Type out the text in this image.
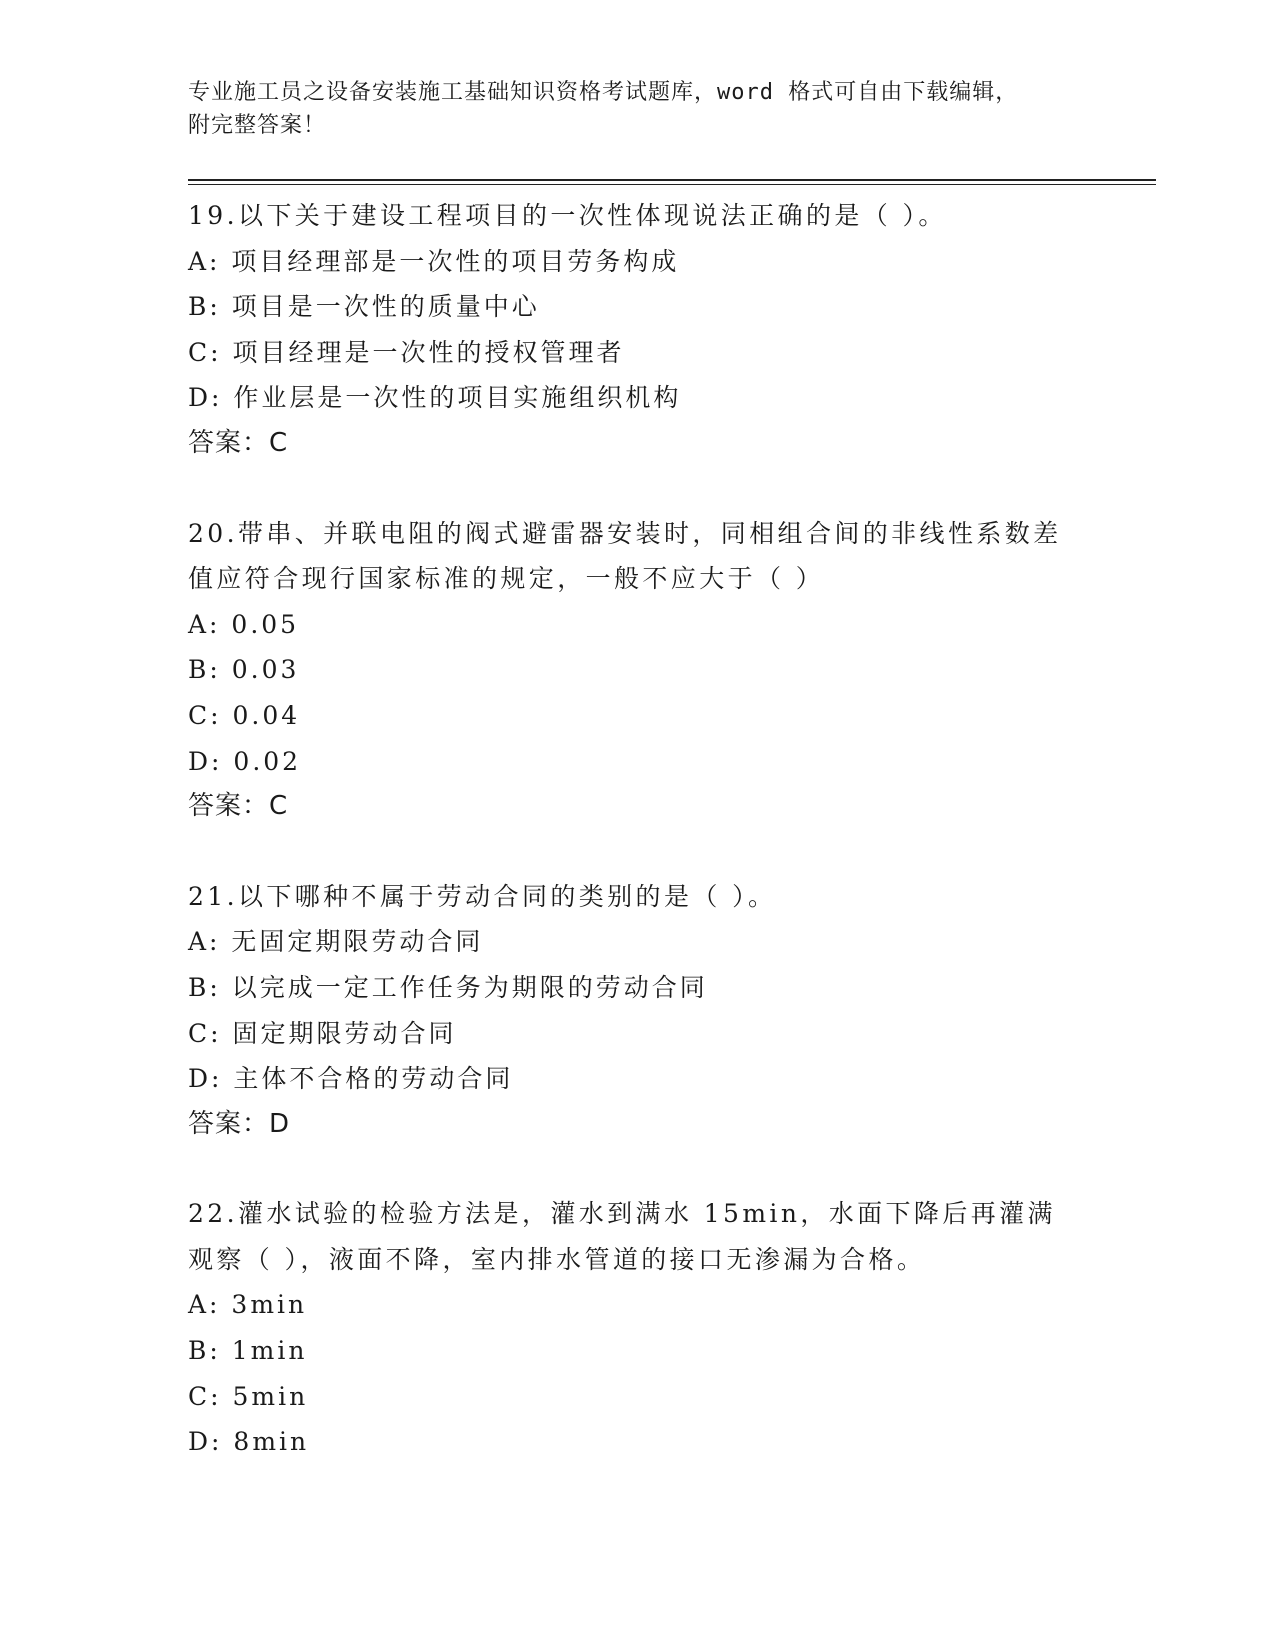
专业施工员之设备安装施工基础知识资格考试题库，word 格式可自由下载编辑，
附完整答案！
19.以下关于建设工程项目的一次性体现说法正确的是（ ）。
A: 项目经理部是一次性的项目劳务构成
B: 项目是一次性的质量中心
C: 项目经理是一次性的授权管理者
D: 作业层是一次性的项目实施组织机构
答案：C
20.带串、并联电阻的阀式避雷器安装时，同相组合间的非线性系数差值应符合现行国家标准的规定，一般不应大于（ ）
A: 0.05
B: 0.03
C: 0.04
D: 0.02
答案：C
21.以下哪种不属于劳动合同的类别的是（ ）。
A: 无固定期限劳动合同
B: 以完成一定工作任务为期限的劳动合同
C: 固定期限劳动合同
D: 主体不合格的劳动合同
答案：D
22.灌水试验的检验方法是，灌水到满水 15min，水面下降后再灌满观察（ ），液面不降，室内排水管道的接口无渗漏为合格。
A: 3min
B: 1min
C: 5min
D: 8min
